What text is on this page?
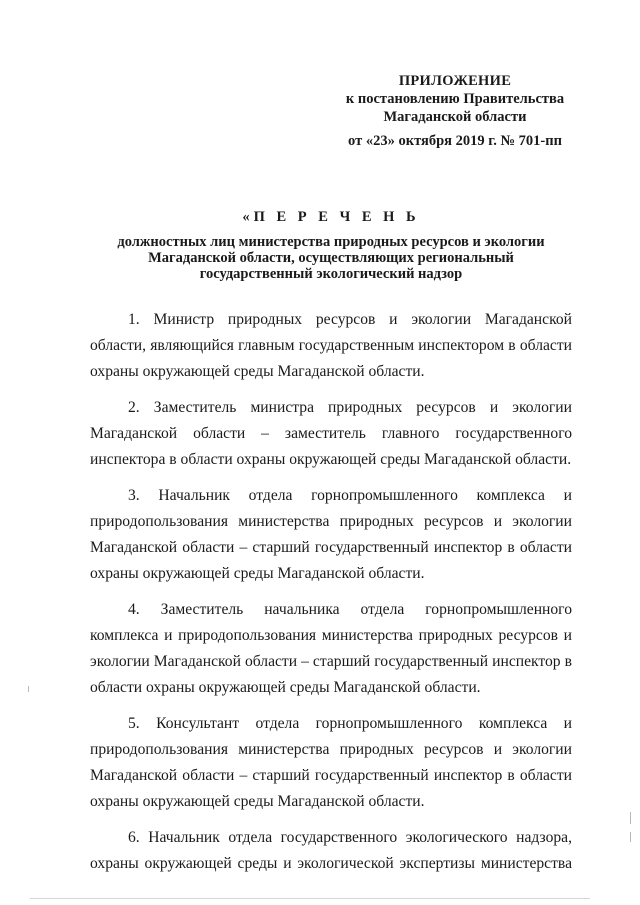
ПРИЛОЖЕНИЕ
к постановлению Правительства
Магаданской области
от «23» октября 2019 г. № 701-пп
«П Е Р Е Ч Е Н Ь
должностных лиц министерства природных ресурсов и экологии
Магаданской области, осуществляющих региональный
государственный экологический надзор

1. Министр природных ресурсов и экологии Магаданской области, являющийся главным государственным инспектором в области охраны окружающей среды Магаданской области.

2. Заместитель министра природных ресурсов и экологии Магаданской области – заместитель главного государственного инспектора в области охраны окружающей среды Магаданской области.

3. Начальник отдела горнопромышленного комплекса и природопользования министерства природных ресурсов и экологии Магаданской области – старший государственный инспектор в области охраны окружающей среды Магаданской области.

4. Заместитель начальника отдела горнопромышленного комплекса и природопользования министерства природных ресурсов и экологии Магаданской области – старший государственный инспектор в области охраны окружающей среды Магаданской области.

5. Консультант отдела горнопромышленного комплекса и природопользования министерства природных ресурсов и экологии Магаданской области – старший государственный инспектор в области охраны окружающей среды Магаданской области.

6. Начальник отдела государственного экологического надзора, охраны окружающей среды и экологической экспертизы министерства
